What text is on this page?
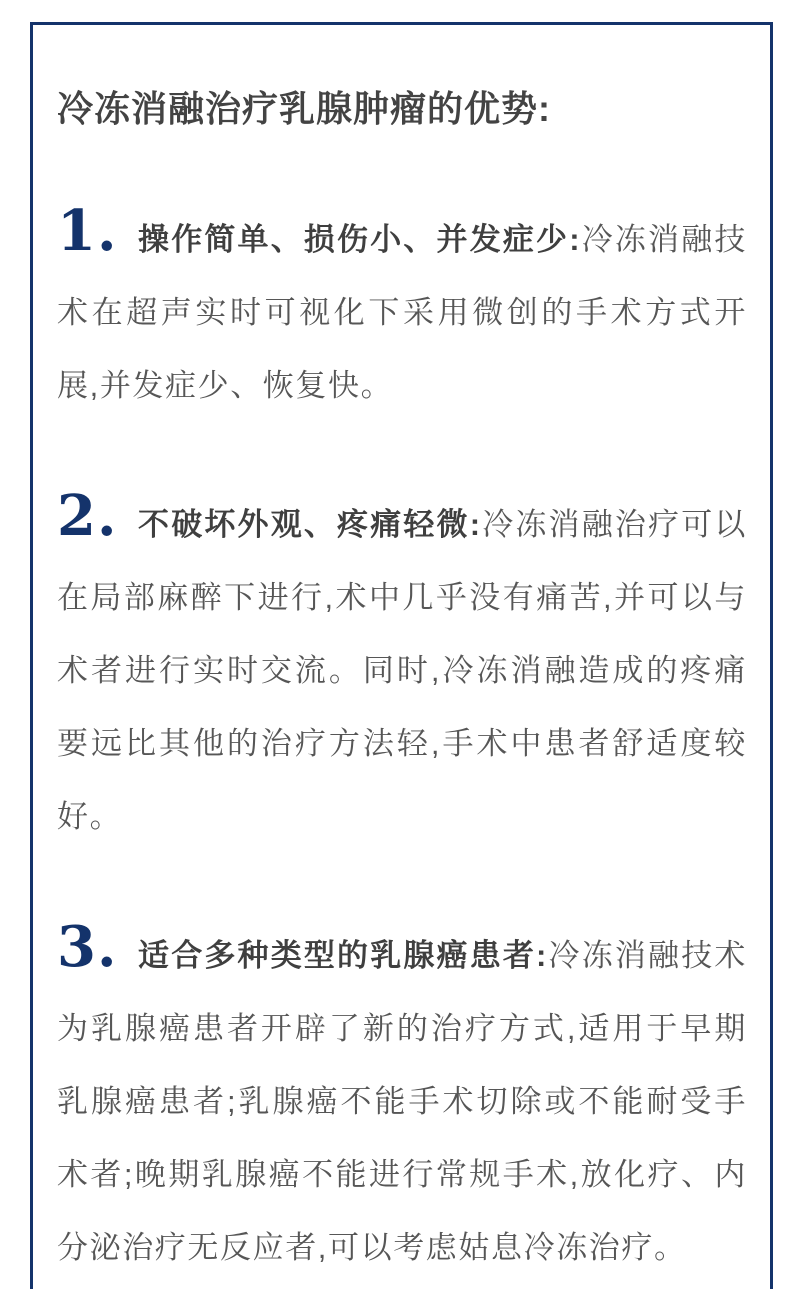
冷冻消融治疗乳腺肿瘤的优势:

1. 操作简单、损伤小、并发症少:冷冻消融技术在超声实时可视化下采用微创的手术方式开展,并发症少、恢复快。

2. 不破坏外观、疼痛轻微:冷冻消融治疗可以在局部麻醉下进行,术中几乎没有痛苦,并可以与术者进行实时交流。同时,冷冻消融造成的疼痛要远比其他的治疗方法轻,手术中患者舒适度较好。

3. 适合多种类型的乳腺癌患者:冷冻消融技术为乳腺癌患者开辟了新的治疗方式,适用于早期乳腺癌患者;乳腺癌不能手术切除或不能耐受手术者;晚期乳腺癌不能进行常规手术,放化疗、内分泌治疗无反应者,可以考虑姑息冷冻治疗。
